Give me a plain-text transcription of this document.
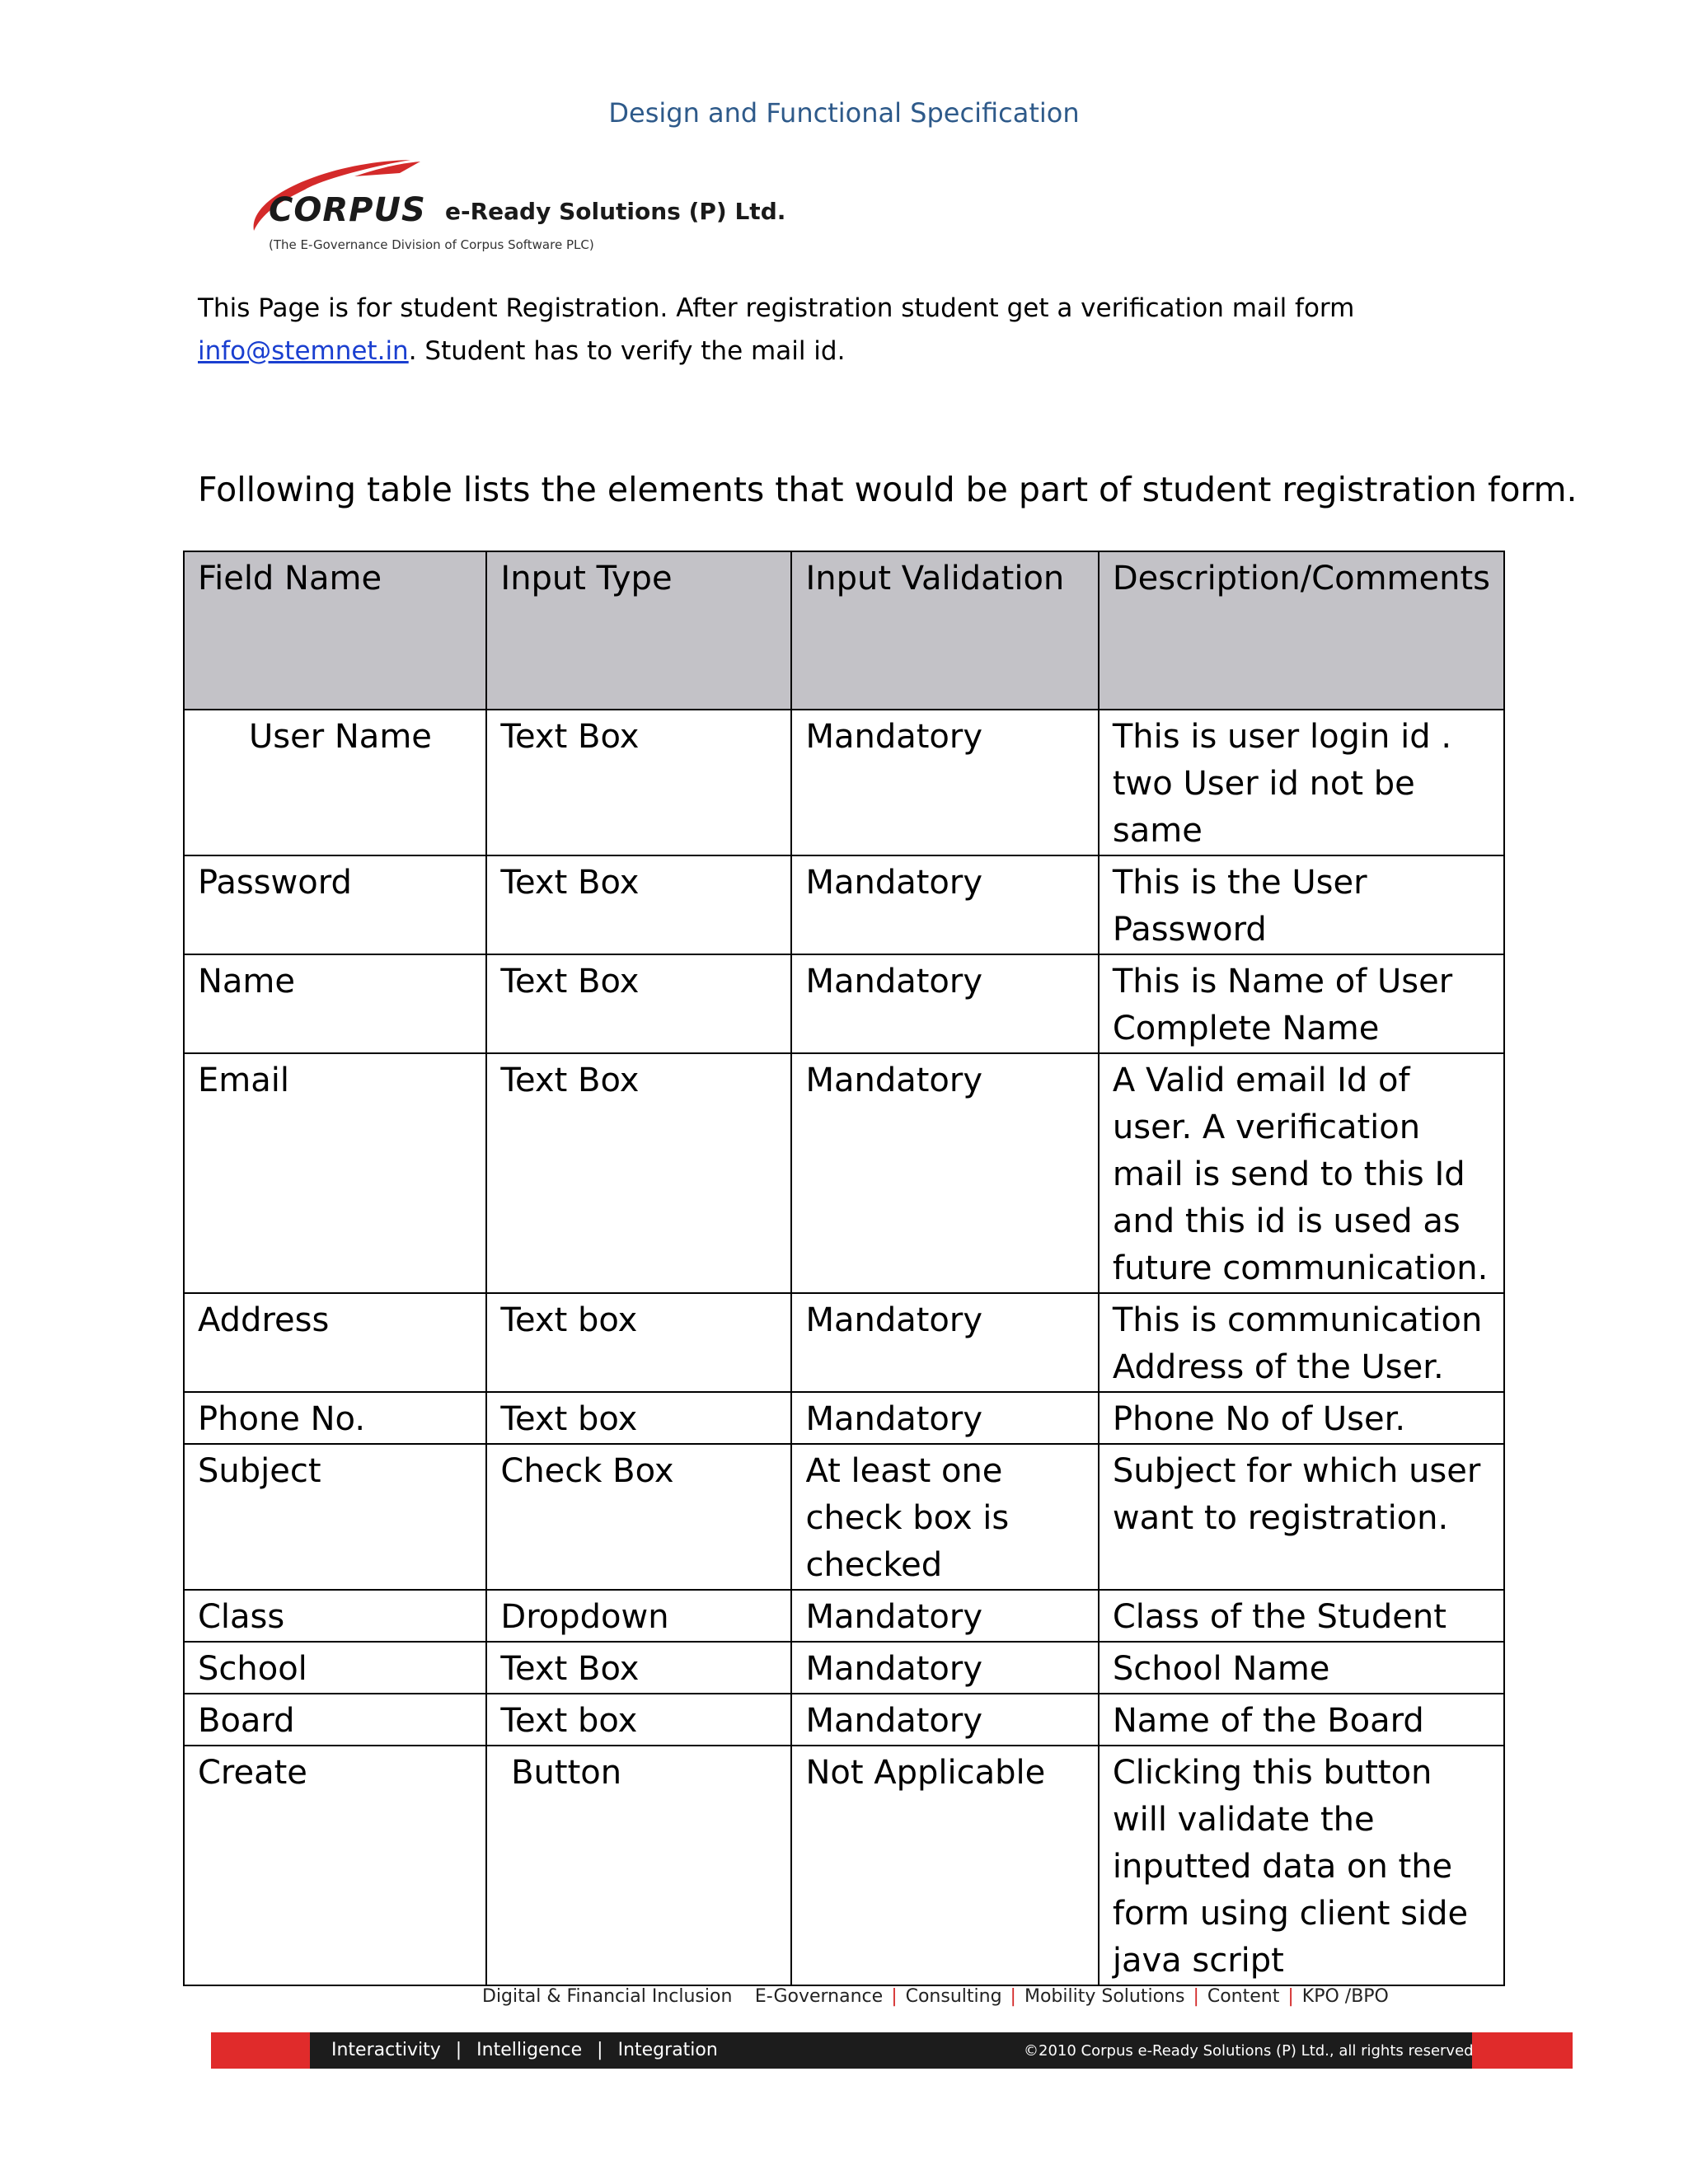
Design and Functional Specification
CORPUS e-Ready Solutions (P) Ltd.
(The E-Governance Division of Corpus Software PLC)
This Page is for student Registration. After registration student get a verification mail form
info@stemnet.in. Student has to verify the mail id.
Following table lists the elements that would be part of student registration form.
Field Name	Input Type	Input Validation	Description/Comments
User Name	Text Box	Mandatory	This is user login id . two User id not be same
Password	Text Box	Mandatory	This is the User Password
Name	Text Box	Mandatory	This is Name of User Complete Name
Email	Text Box	Mandatory	A Valid email Id of user. A verification mail is send to this Id and this id is used as future communication.
Address	Text box	Mandatory	This is communication Address of the User.
Phone No.	Text box	Mandatory	Phone No of User.
Subject	Check Box	At least one check box is checked	Subject for which user want to registration.
Class	Dropdown	Mandatory	Class of the Student
School	Text Box	Mandatory	School Name
Board	Text box	Mandatory	Name of the Board
Create	Button	Not Applicable	Clicking this button will validate the inputted data on the form using client side java script
Digital & Financial Inclusion E-Governance | Consulting | Mobility Solutions | Content | KPO /BPO
Interactivity | Intelligence | Integration	©2010 Corpus e-Ready Solutions (P) Ltd., all rights reserved
